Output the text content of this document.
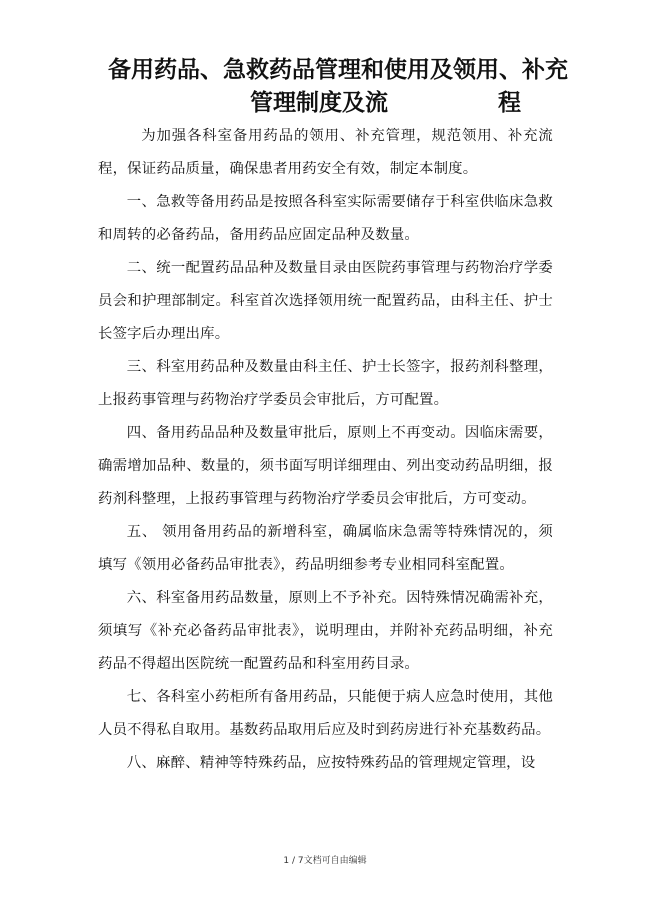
备用药品、急救药品管理和使用及领用、补充
管理制度及流	程

为加强各科室备用药品的领用、补充管理，规范领用、补充流程，保证药品质量，确保患者用药安全有效，制定本制度。

一、急救等备用药品是按照各科室实际需要储存于科室供临床急救和周转的必备药品，备用药品应固定品种及数量。

二、统一配置药品品种及数量目录由医院药事管理与药物治疗学委员会和护理部制定。科室首次选择领用统一配置药品，由科主任、护士长签字后办理出库。

三、科室用药品种及数量由科主任、护士长签字，报药剂科整理，上报药事管理与药物治疗学委员会审批后，方可配置。

四、备用药品品种及数量审批后，原则上不再变动。因临床需要，确需增加品种、数量的，须书面写明详细理由、列出变动药品明细，报药剂科整理，上报药事管理与药物治疗学委员会审批后，方可变动。

五、 领用备用药品的新增科室，确属临床急需等特殊情况的，须填写《领用必备药品审批表》，药品明细参考专业相同科室配置。

六、科室备用药品数量，原则上不予补充。因特殊情况确需补充，须填写《补充必备药品审批表》，说明理由，并附补充药品明细，补充药品不得超出医院统一配置药品和科室用药目录。

七、各科室小药柜所有备用药品，只能便于病人应急时使用，其他人员不得私自取用。基数药品取用后应及时到药房进行补充基数药品。

八、麻醉、精神等特殊药品，应按特殊药品的管理规定管理，设

1 / 7文档可自由编辑
